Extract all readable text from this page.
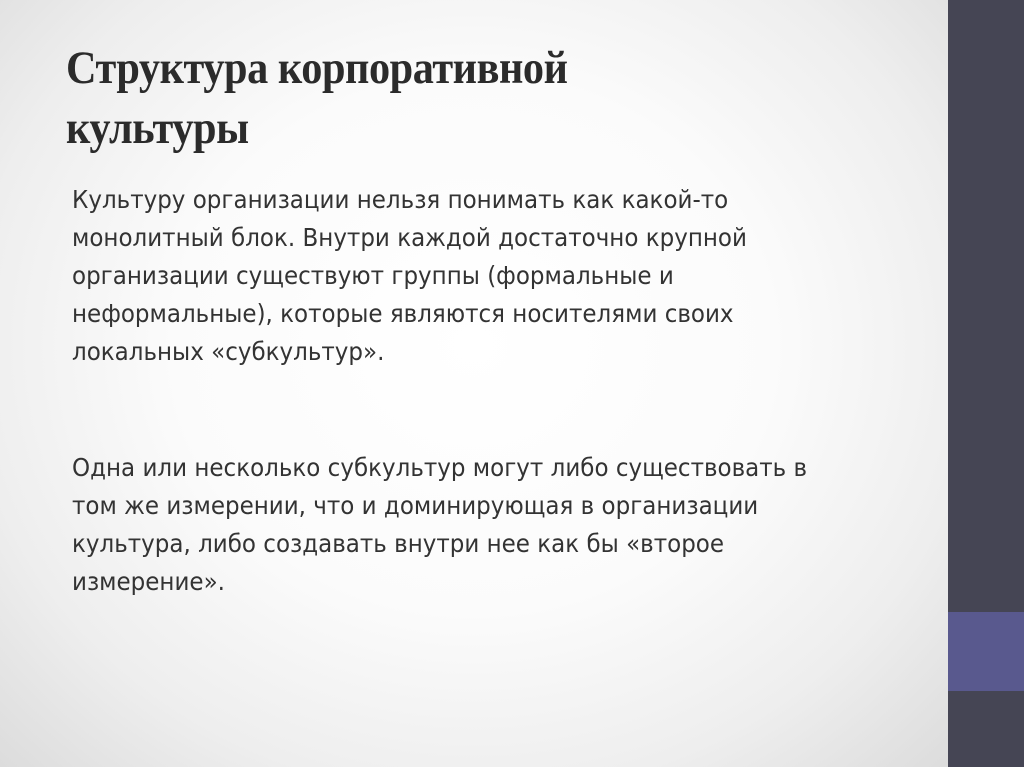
Структура корпоративной
культуры

Культуру организации нельзя понимать как какой-то
монолитный блок. Внутри каждой достаточно крупной
организации существуют группы (формальные и
неформальные), которые являются носителями своих
локальных «субкультур».

Одна или несколько субкультур могут либо существовать в
том же измерении, что и доминирующая в организации
культура, либо создавать внутри нее как бы «второе
измерение».
